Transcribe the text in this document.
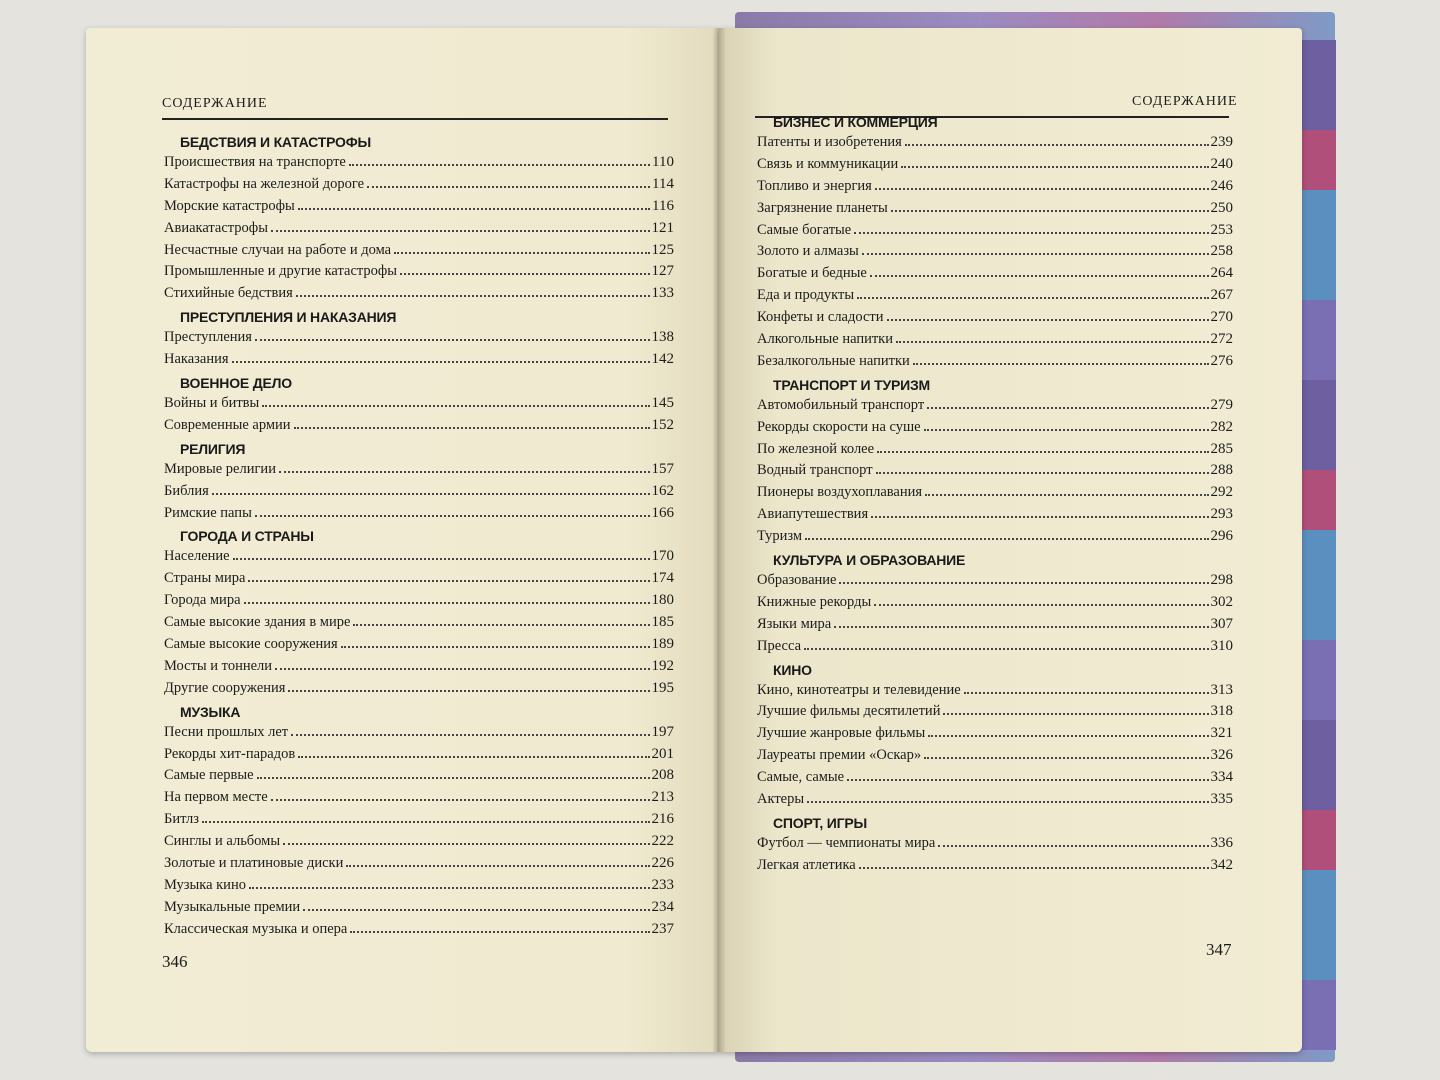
СОДЕРЖАНИЕ
БЕДСТВИЯ И КАТАСТРОФЫ
Происшествия на транспорте	110
Катастрофы на железной дороге	114
Морские катастрофы	116
Авиакатастрофы	121
Несчастные случаи на работе и дома	125
Промышленные и другие катастрофы	127
Стихийные бедствия	133
ПРЕСТУПЛЕНИЯ И НАКАЗАНИЯ
Преступления	138
Наказания	142
ВОЕННОЕ ДЕЛО
Войны и битвы	145
Современные армии	152
РЕЛИГИЯ
Мировые религии	157
Библия	162
Римские папы	166
ГОРОДА И СТРАНЫ
Население	170
Страны мира	174
Города мира	180
Самые высокие здания в мире	185
Самые высокие сооружения	189
Мосты и тоннели	192
Другие сооружения	195
МУЗЫКА
Песни прошлых лет	197
Рекорды хит-парадов	201
Самые первые	208
На первом месте	213
Битлз	216
Синглы и альбомы	222
Золотые и платиновые диски	226
Музыка кино	233
Музыкальные премии	234
Классическая музыка и опера	237
346
СОДЕРЖАНИЕ
БИЗНЕС И КОММЕРЦИЯ
Патенты и изобретения	239
Связь и коммуникации	240
Топливо и энергия	246
Загрязнение планеты	250
Самые богатые	253
Золото и алмазы	258
Богатые и бедные	264
Еда и продукты	267
Конфеты и сладости	270
Алкогольные напитки	272
Безалкогольные напитки	276
ТРАНСПОРТ И ТУРИЗМ
Автомобильный транспорт	279
Рекорды скорости на суше	282
По железной колее	285
Водный транспорт	288
Пионеры воздухоплавания	292
Авиапутешествия	293
Туризм	296
КУЛЬТУРА И ОБРАЗОВАНИЕ
Образование	298
Книжные рекорды	302
Языки мира	307
Пресса	310
КИНО
Кино, кинотеатры и телевидение	313
Лучшие фильмы десятилетий	318
Лучшие жанровые фильмы	321
Лауреаты премии «Оскар»	326
Самые, самые	334
Актеры	335
СПОРТ, ИГРЫ
Футбол — чемпионаты мира	336
Легкая атлетика	342
347
